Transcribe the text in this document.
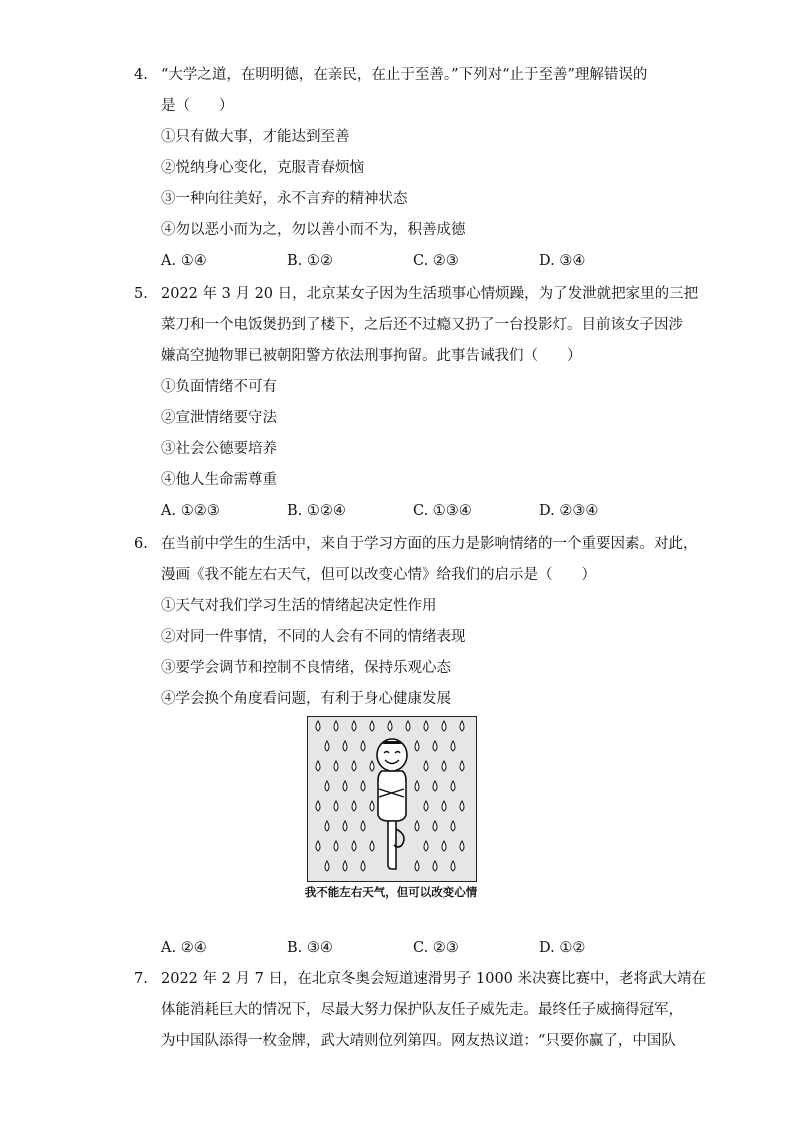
4. “大学之道，在明明德，在亲民，在止于至善。”下列对“止于至善”理解错误的
是（　　）
①只有做大事，才能达到至善
②悦纳身心变化，克服青春烦恼
③一种向往美好，永不言弃的精神状态
④勿以恶小而为之，勿以善小而不为，积善成德
A. ①④	B. ①②	C. ②③	D. ③④
5. 2022 年 3 月 20 日，北京某女子因为生活琐事心情烦躁，为了发泄就把家里的三把
菜刀和一个电饭煲扔到了楼下，之后还不过瘾又扔了一台投影灯。目前该女子因涉
嫌高空抛物罪已被朝阳警方依法刑事拘留。此事告诫我们（　　）
①负面情绪不可有
②宣泄情绪要守法
③社会公德要培养
④他人生命需尊重
A. ①②③	B. ①②④	C. ①③④	D. ②③④
6. 在当前中学生的生活中，来自于学习方面的压力是影响情绪的一个重要因素。对此，
漫画《我不能左右天气，但可以改变心情》给我们的启示是（　　）
①天气对我们学习生活的情绪起决定性作用
②对同一件事情，不同的人会有不同的情绪表现
③要学会调节和控制不良情绪，保持乐观心态
④学会换个角度看问题，有利于身心健康发展
我不能左右天气，但可以改变心情
A. ②④	B. ③④	C. ②③	D. ①②
7. 2022 年 2 月 7 日，在北京冬奥会短道速滑男子 1000 米决赛比赛中，老将武大靖在
体能消耗巨大的情况下，尽最大努力保护队友任子威先走。最终任子威摘得冠军，
为中国队添得一枚金牌，武大靖则位列第四。网友热议道：“只要你赢了，中国队
